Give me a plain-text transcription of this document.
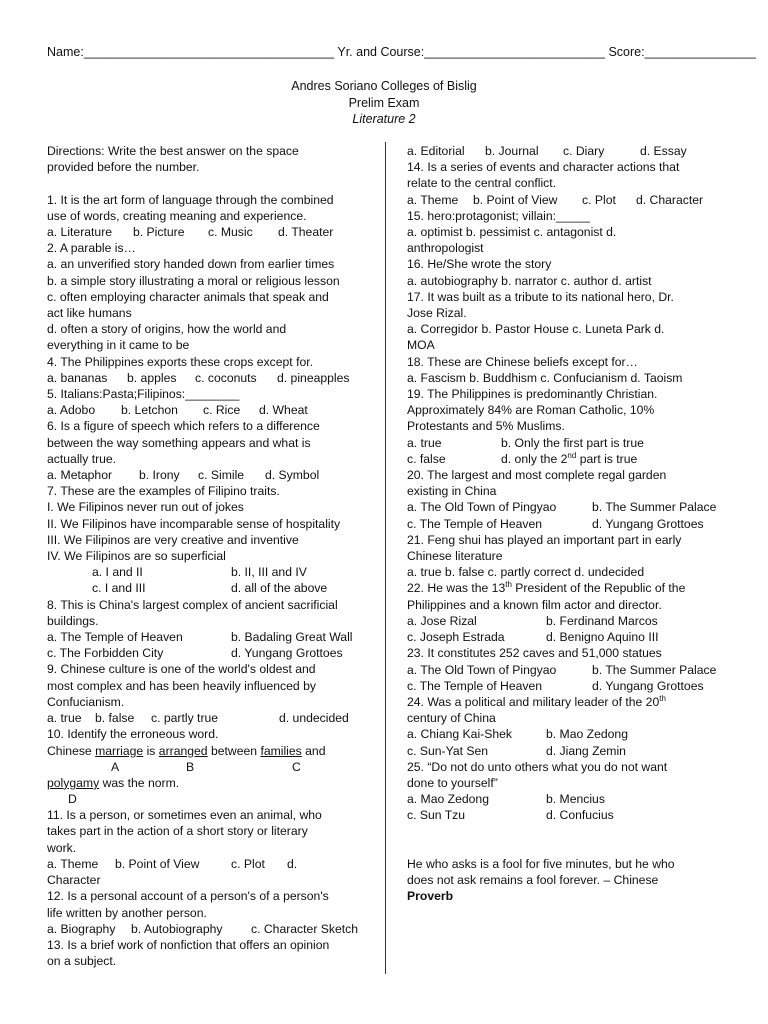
Name:____________________________________ Yr. and Course:__________________________ Score:________________
Andres Soriano Colleges of Bislig
Prelim Exam
Literature 2
Directions: Write the best answer on the space
provided before the number.
1. It is the art form of language through the combined
use of words, creating meaning and experience.
a. Literature b. Picture c. Music d. Theater
2. A parable is…
a. an unverified story handed down from earlier times
b. a simple story illustrating a moral or religious lesson
c. often employing character animals that speak and
act like humans
d. often a story of origins, how the world and
everything in it came to be
4. The Philippines exports these crops except for.
a. bananas b. apples c. coconuts d. pineapples
5. Italians:Pasta;Filipinos:________
a. Adobo b. Letchon c. Rice d. Wheat
6. Is a figure of speech which refers to a difference
between the way something appears and what is
actually true.
a. Metaphor b. Irony c. Simile d. Symbol
7. These are the examples of Filipino traits.
I. We Filipinos never run out of jokes
II. We Filipinos have incomparable sense of hospitality
III. We Filipinos are very creative and inventive
IV. We Filipinos are so superficial
a. I and II	b. II, III and IV
c. I and III	d. all of the above
8. This is China's largest complex of ancient sacrificial
buildings.
a. The Temple of Heaven	b. Badaling Great Wall
c. The Forbidden City	d. Yungang Grottoes
9. Chinese culture is one of the world's oldest and
most complex and has been heavily influenced by
Confucianism.
a. true b. false c. partly true	d. undecided
10. Identify the erroneous word.
Chinese marriage is arranged between families and
A	B	C
polygamy was the norm.
D
11. Is a person, or sometimes even an animal, who
takes part in the action of a short story or literary
work.
a. Theme b. Point of View	c. Plot d.
Character
12. Is a personal account of a person's of a person's
life written by another person.
a. Biography b. Autobiography c. Character Sketch
13. Is a brief work of nonfiction that offers an opinion
on a subject.
a. Editorial b. Journal c. Diary	d. Essay
14. Is a series of events and character actions that
relate to the central conflict.
a. Theme b. Point of View c. Plot d. Character
15. hero:protagonist; villain:_____
a. optimist b. pessimist c. antagonist d.
anthropologist
16. He/She wrote the story
a. autobiography b. narrator c. author d. artist
17. It was built as a tribute to its national hero, Dr.
Jose Rizal.
a. Corregidor b. Pastor House c. Luneta Park d.
MOA
18. These are Chinese beliefs except for…
a. Fascism b. Buddhism c. Confucianism d. Taoism
19. The Philippines is predominantly Christian.
Approximately 84% are Roman Catholic, 10%
Protestants and 5% Muslims.
a. true	b. Only the first part is true
c. false	d. only the 2nd part is true
20. The largest and most complete regal garden
existing in China
a. The Old Town of Pingyao	b. The Summer Palace
c. The Temple of Heaven	d. Yungang Grottoes
21. Feng shui has played an important part in early
Chinese literature
a. true b. false c. partly correct d. undecided
22. He was the 13th President of the Republic of the
Philippines and a known film actor and director.
a. Jose Rizal	b. Ferdinand Marcos
c. Joseph Estrada	d. Benigno Aquino III
23. It constitutes 252 caves and 51,000 statues
a. The Old Town of Pingyao	b. The Summer Palace
c. The Temple of Heaven	d. Yungang Grottoes
24. Was a political and military leader of the 20th
century of China
a. Chiang Kai-Shek	b. Mao Zedong
c. Sun-Yat Sen	d. Jiang Zemin
25. “Do not do unto others what you do not want
done to yourself”
a. Mao Zedong	b. Mencius
c. Sun Tzu	d. Confucius
He who asks is a fool for five minutes, but he who
does not ask remains a fool forever. – Chinese
Proverb
